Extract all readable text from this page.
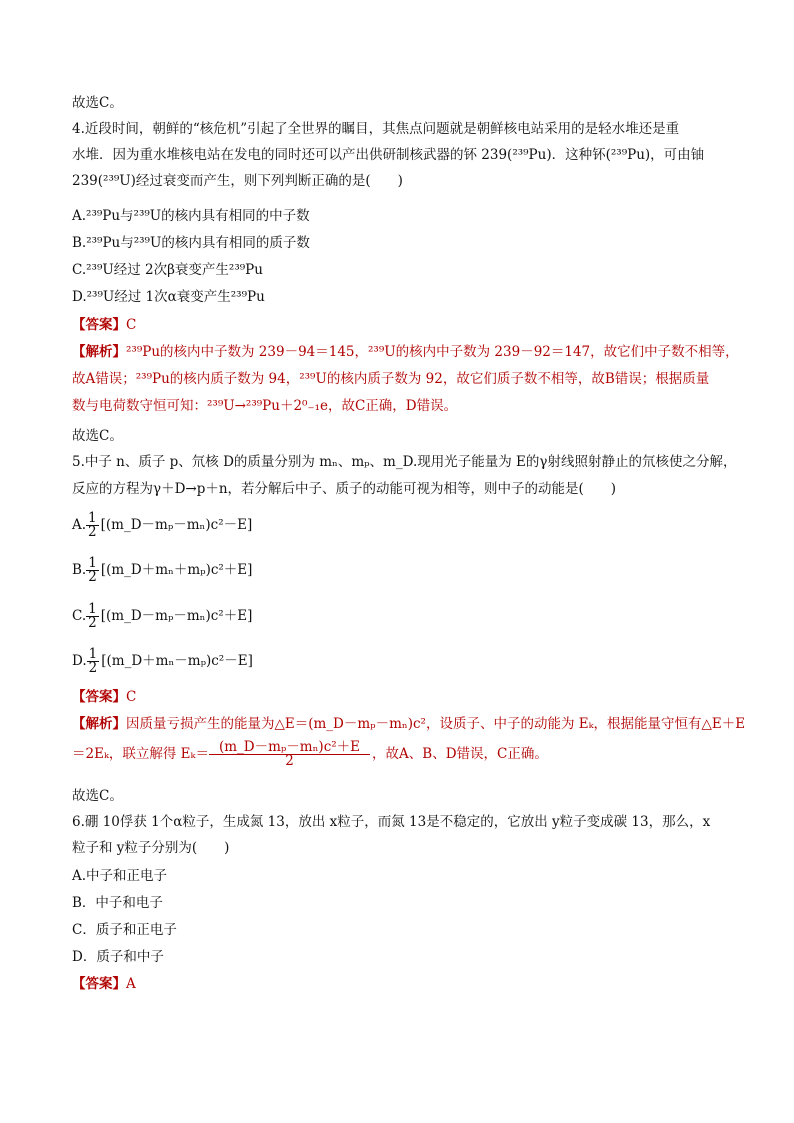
故选C。
4.近段时间，朝鲜的“核危机”引起了全世界的瞩目，其焦点问题就是朝鲜核电站采用的是轻水堆还是重
水堆．因为重水堆核电站在发电的同时还可以产出供研制核武器的钚 239(²³⁹Pu)．这种钚(²³⁹Pu)，可由铀
239(²³⁹U)经过衰变而产生，则下列判断正确的是(　　)
A.²³⁹Pu与²³⁹U的核内具有相同的中子数
B.²³⁹Pu与²³⁹U的核内具有相同的质子数
C.²³⁹U经过 2次β衰变产生²³⁹Pu
D.²³⁹U经过 1次α衰变产生²³⁹Pu
【答案】C
【解析】²³⁹Pu的核内中子数为 239－94＝145，²³⁹U的核内中子数为 239－92＝147，故它们中子数不相等，
故A错误；²³⁹Pu的核内质子数为 94，²³⁹U的核内质子数为 92，故它们质子数不相等，故B错误；根据质量
数与电荷数守恒可知：²³⁹U→²³⁹Pu＋2⁰₋₁e，故C正确，D错误。
故选C。
5.中子 n、质子 p、氘核 D的质量分别为 mₙ、mₚ、m_D.现用光子能量为 E的γ射线照射静止的氘核使之分解，
反应的方程为γ＋D→p＋n，若分解后中子、质子的动能可视为相等，则中子的动能是(　　)
A. $\frac{1}{2}$ [(m_D－mₚ－mₙ)c²－E]
B. $\frac{1}{2}$ [(m_D＋mₙ＋mₚ)c²＋E]
C. $\frac{1}{2}$ [(m_D－mₚ－mₙ)c²＋E]
D. $\frac{1}{2}$ [(m_D＋mₙ－mₚ)c²－E]
【答案】C
【解析】因质量亏损产生的能量为△E＝(m_D－mₚ－mₙ)c²，设质子、中子的动能为 Eₖ，根据能量守恒有△E＋E
＝2Eₖ，联立解得 $E_k= \frac{\text{(m\_D－mₚ－mₙ)c²＋E}}{2}$ ，故A、B、D错误，C正确。
故选C。
6.硼 10俘获 1个α粒子，生成氮 13，放出 x粒子，而氮 13是不稳定的，它放出 y粒子变成碳 13，那么，x
粒子和 y粒子分别为(　　)
A.中子和正电子
B．中子和电子
C．质子和正电子
D．质子和中子
【答案】A
